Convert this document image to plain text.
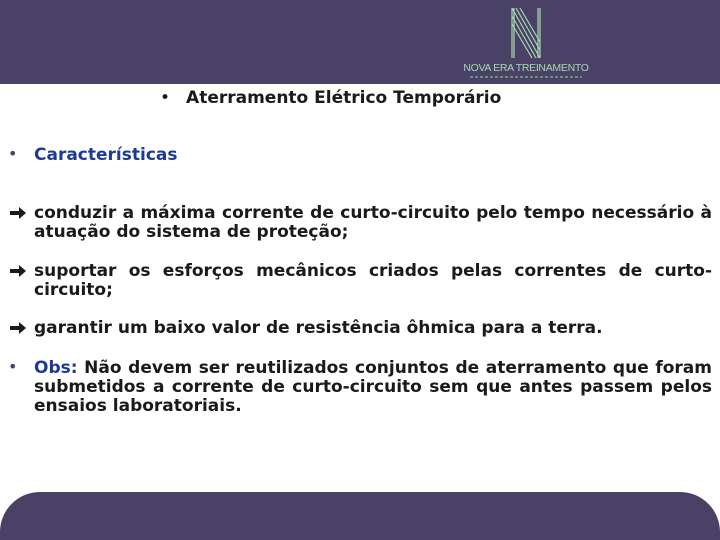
NOVA ERA TREINAMENTO
• Aterramento Elétrico Temporário
• Características
conduzir a máxima corrente de curto-circuito pelo tempo necessário à atuação do sistema de proteção;
suportar os esforços mecânicos criados pelas correntes de curto-circuito;
garantir um baixo valor de resistência ôhmica para a terra.
• Obs: Não devem ser reutilizados conjuntos de aterramento que foram submetidos a corrente de curto-circuito sem que antes passem pelos ensaios laboratoriais.
